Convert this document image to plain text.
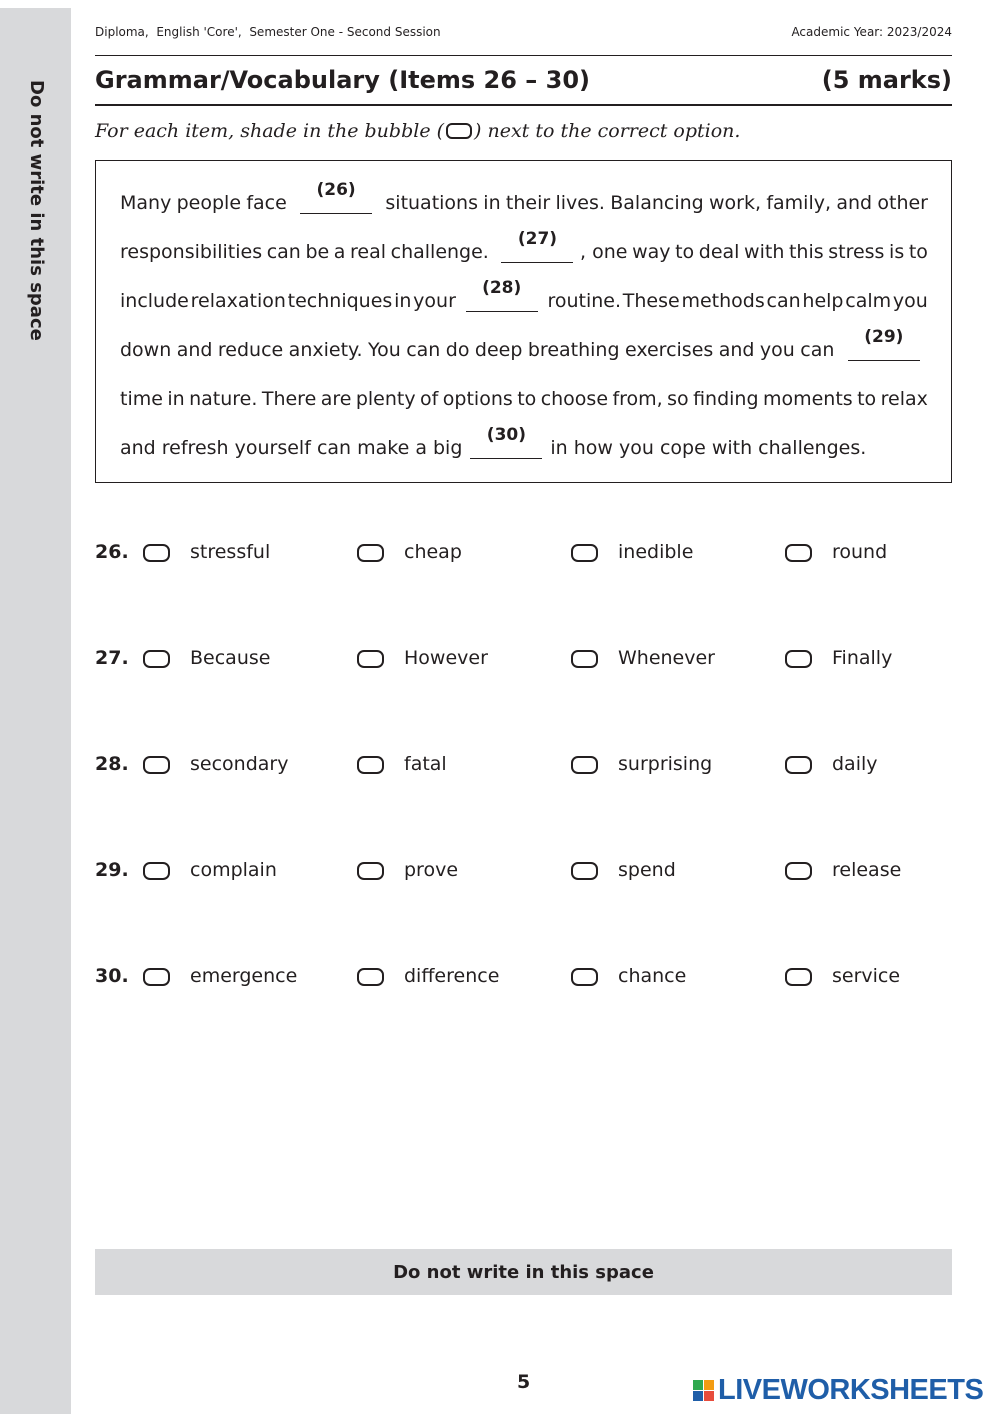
Do not write in this space
Diploma,  English 'Core',  Semester One - Second Session	Academic Year: 2023/2024
Grammar/Vocabulary (Items 26 – 30)	(5 marks)
For each item, shade in the bubble ( ) next to the correct option.
Many people face
(26)
situations in their lives. Balancing work, family, and other
responsibilities can be a real challenge.
(27)
, one way to deal with this stress is to
include relaxation techniques in your
(28)
routine. These methods can help calm you
down and reduce anxiety. You can do deep breathing exercises and you can
(29)
time in nature. There are plenty of options to choose from, so finding moments to relax
and refresh yourself can make a big
(30)
in how you cope with challenges.
26.	stressful	cheap	inedible	round
27.	Because	However	Whenever	Finally
28.	secondary	fatal	surprising	daily
29.	complain	prove	spend	release
30.	emergence	difference	chance	service
Do not write in this space
5	LIVEWORKSHEETS
